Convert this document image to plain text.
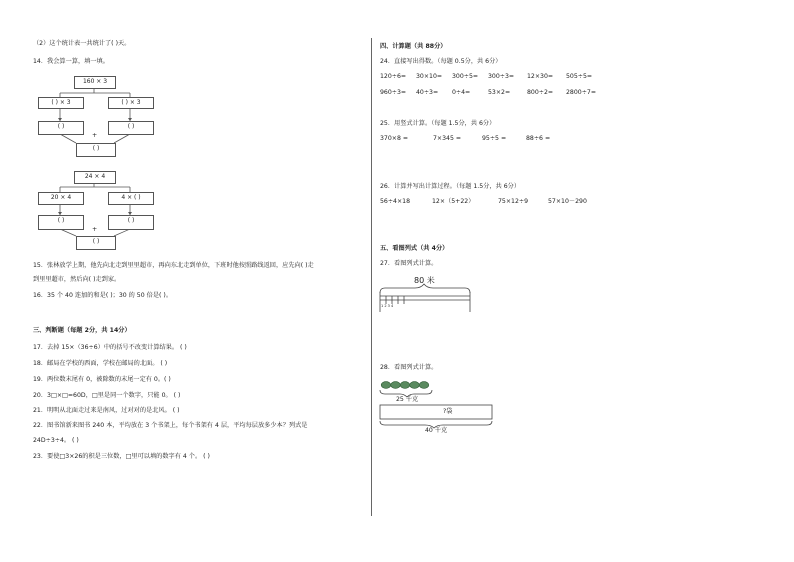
（2）这个统计表一共统计了( )天。
14．我会算一算，填一填。
160 × 3
( ) × 3	( ) × 3
( )	( )
+
( )
24 × 4
20 × 4	4 × ( )
( )	( )
+
( )
15．张林放学上期，他先向北走到里里超市，再向东北走到单位，下班时他按照路线返回，应先向( )走
到里里超市，然后向( )走到家。
16．35 个 40 连加的和是( )；30 的 50 倍是( )。
三、判断题（每题 2分，共 14分）
17．去掉 15×（36÷6）中的括号不改变计算结果。 ( )
18．邮局在学校的西面，学校在邮局的北面。 ( )
19．两位数末尾有 0，被除数的末尾一定有 0。( )
20．3□×□=60D，□里是同一个数字，只能 0。 ( )
21．明明从北面走过来是南风，过对对的是北风。 ( )
22．图书馆新来图书 240 本，平均放在 3 个书架上，每个书架有 4 层，平均每层放多少本？列式是
24D÷3÷4。 ( )
23．要使□3×26的积是三位数，□里可以填的数字有 4 个。 ( )
四、计算题（共 88分）
24．直接写出得数。（每题 0.5分，共 6分）
120÷6= 30×10= 300÷5= 300÷3= 12×30= 505÷5=
960÷3= 40÷3= 0÷4=	53×2=	800÷2= 2800÷7=
25．用竖式计算。（每题 1.5分，共 6分）
370×8 =	7×345 =	95÷5 =	88÷6 =
26．计算并写出计算过程。（每题 1.5分，共 6分）
56÷4×18	12×（5+22）	75×12÷9	57×10－290
五、看图列式（共 4分）
27．看图列式计算。
80 米
1 2 3 4
28．看图列式计算。
25 千克
?袋
40 千克
